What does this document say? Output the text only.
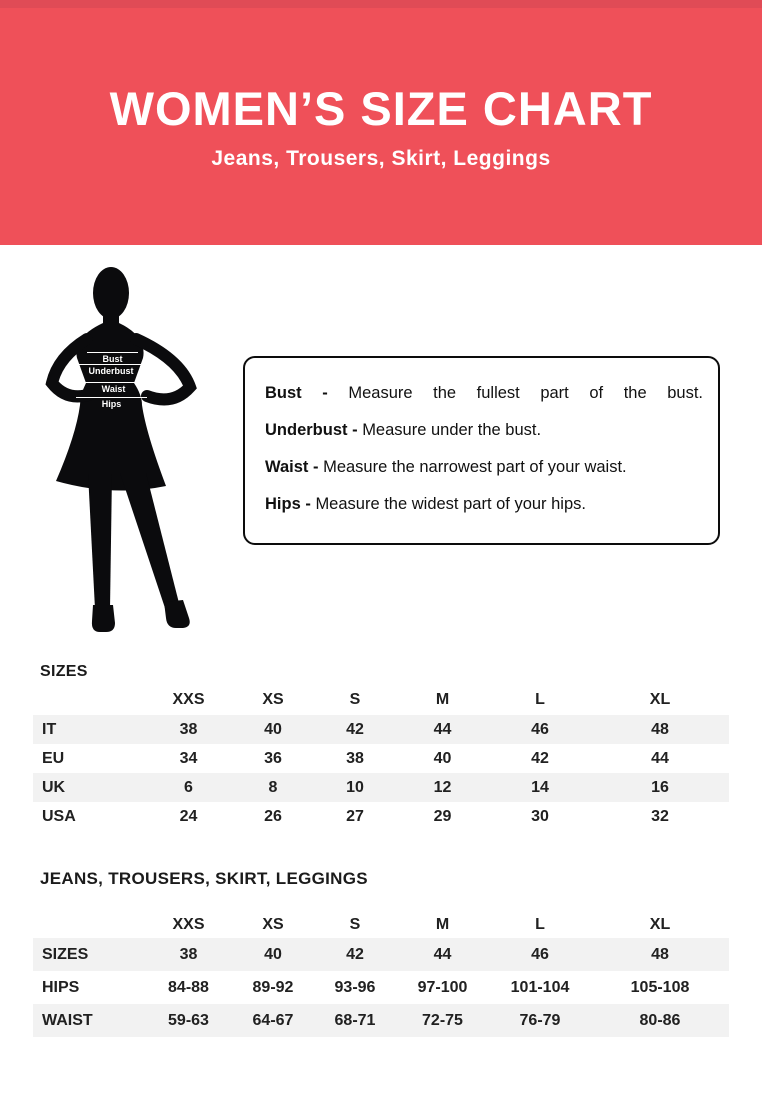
WOMEN’S SIZE CHART
Jeans, Trousers, Skirt, Leggings
Bust
Underbust
Waist
Hips

Bust - Measure the fullest part of the bust.

Underbust - Measure under the bust.

Waist - Measure the narrowest part of your waist.

Hips - Measure the widest part of your hips.

SIZES
XXS	XS	S	M	L	XL
IT	38	40	42	44	46	48
EU	34	36	38	40	42	44
UK	6	8	10	12	14	16
USA	24	26	27	29	30	32
JEANS, TROUSERS, SKIRT, LEGGINGS
XXS	XS	S	M	L	XL
SIZES	38	40	42	44	46	48
HIPS	84-88	89-92	93-96	97-100	101-104	105-108
WAIST	59-63	64-67	68-71	72-75	76-79	80-86
